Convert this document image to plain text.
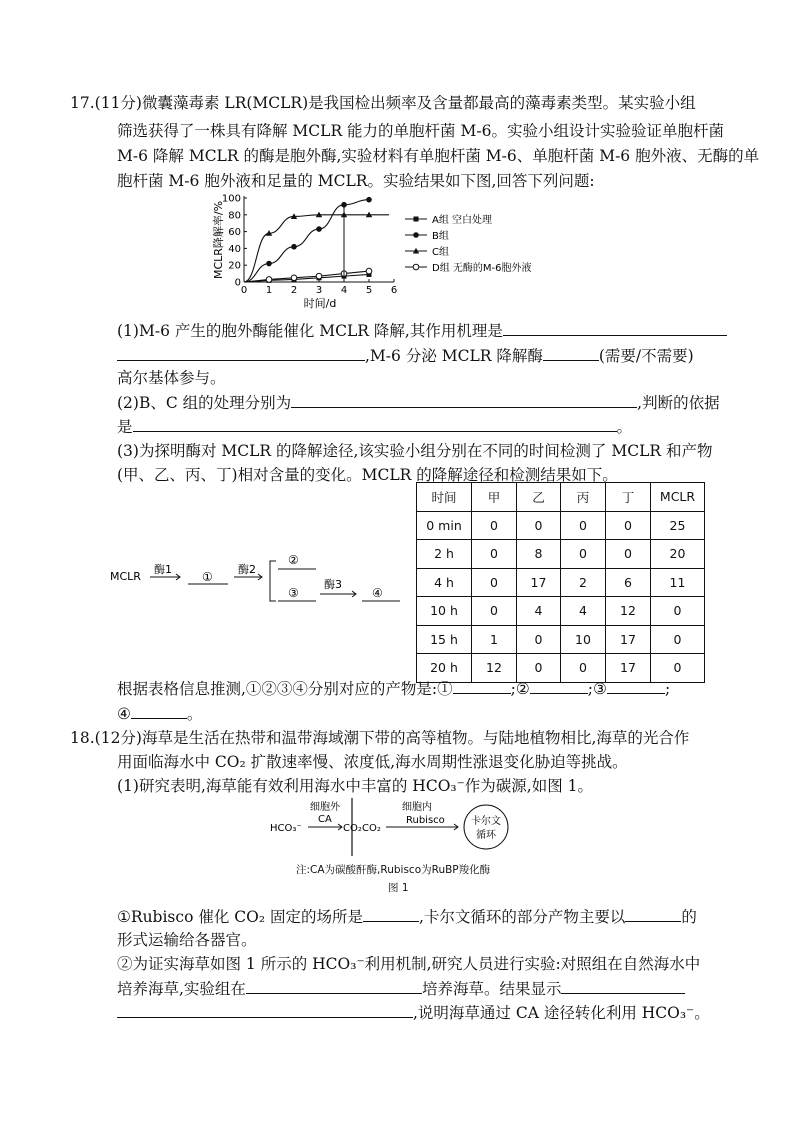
17.(11分)微囊藻毒素 LR(MCLR)是我国检出频率及含量都最高的藻毒素类型。某实验小组
筛选获得了一株具有降解 MCLR 能力的单胞杆菌 M-6。实验小组设计实验验证单胞杆菌
M-6 降解 MCLR 的酶是胞外酶,实验材料有单胞杆菌 M-6、单胞杆菌 M-6 胞外液、无酶的单
胞杆菌 M-6 胞外液和足量的 MCLR。实验结果如下图,回答下列问题:
MCLR降解率/%
时间/d
0 1 2 3 4 5 6
0
20
40
60
80
100
A组 空白处理
B组
C组
D组 无酶的M-6胞外液
(1)M-6 产生的胞外酶能催化 MCLR 降解,其作用机理是
,M-6 分泌 MCLR 降解酶	(需要/不需要)
高尔基体参与。
(2)B、C 组的处理分别为	,判断的依据
是	。
(3)为探明酶对 MCLR 的降解途径,该实验小组分别在不同的时间检测了 MCLR 和产物
(甲、乙、丙、丁)相对含量的变化。MCLR 的降解途径和检测结果如下。
MCLR
酶1
①
酶2
②
③
酶3
④
时间	甲	乙	丙	丁	MCLR
0 min	0	0	0	0	25
2 h	0	8	0	0	20
4 h	0	17	2	6	11
10 h	0	4	4	12	0
15 h	1	0	10	17	0
20 h	12	0	0	17	0
根据表格信息推测,①②③④分别对应的产物是:①	;②	;③	;
④	。
18.(12分)海草是生活在热带和温带海域潮下带的高等植物。与陆地植物相比,海草的光合作
用面临海水中 CO₂ 扩散速率慢、浓度低,海水周期性涨退变化胁迫等挑战。
(1)研究表明,海草能有效利用海水中丰富的 HCO₃⁻作为碳源,如图 1。
细胞外	细胞内
HCO₃⁻
CA
CO₂ CO₂
Rubisco	卡尔文
循环
注:CA为碳酸酐酶,Rubisco为RuBP羧化酶
图 1
①Rubisco 催化 CO₂ 固定的场所是	,卡尔文循环的部分产物主要以	的
形式运输给各器官。
②为证实海草如图 1 所示的 HCO₃⁻利用机制,研究人员进行实验:对照组在自然海水中
培养海草,实验组在	培养海草。结果显示
,说明海草通过 CA 途径转化利用 HCO₃⁻。
